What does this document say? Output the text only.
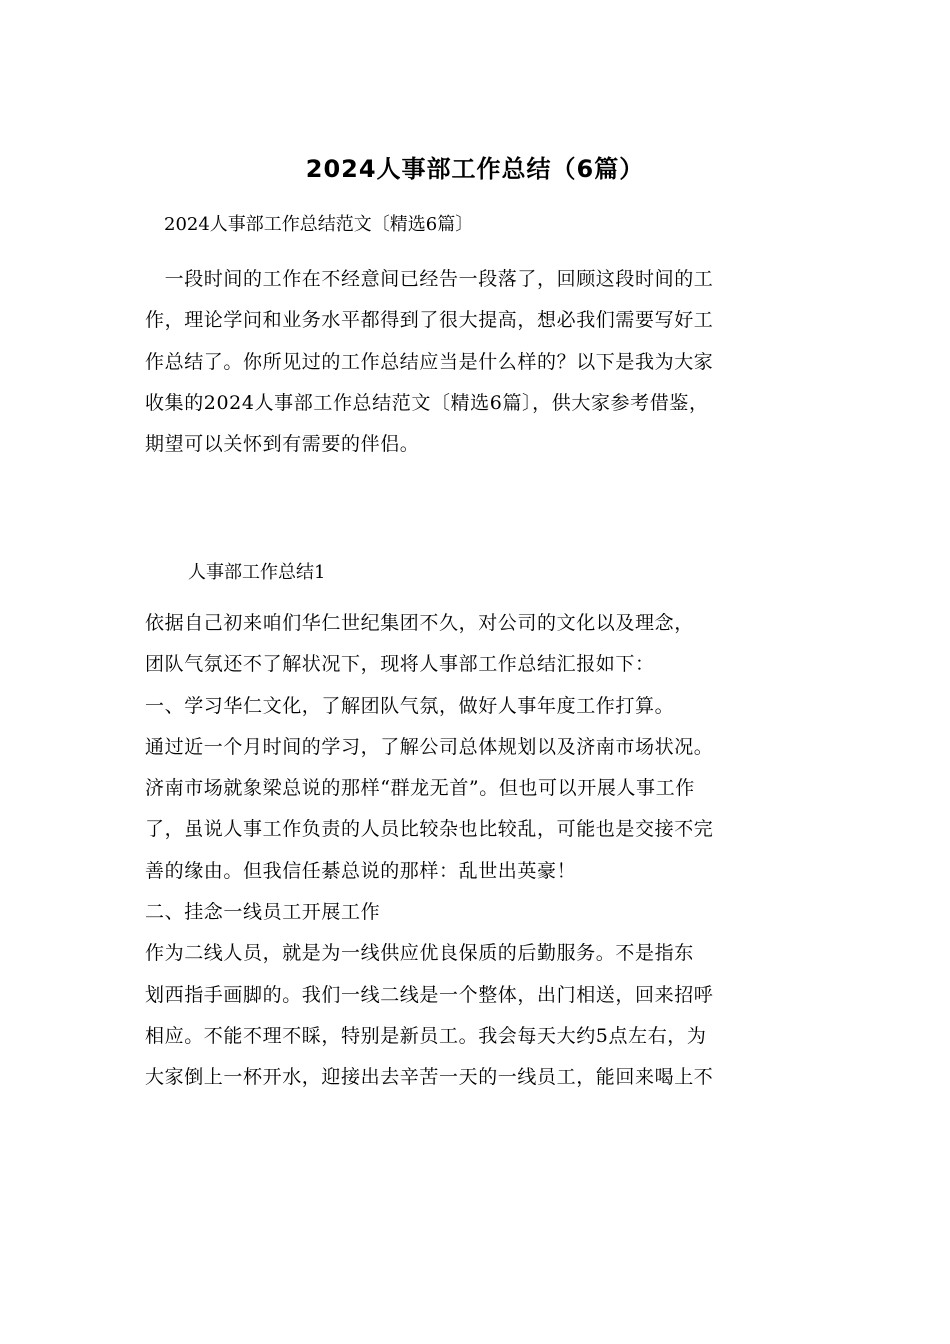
2024人事部工作总结（6篇）
2024人事部工作总结范文〔精选6篇〕
　一段时间的工作在不经意间已经告一段落了，回顾这段时间的工
作，理论学问和业务水平都得到了很大提高，想必我们需要写好工
作总结了。你所见过的工作总结应当是什么样的？以下是我为大家
收集的2024人事部工作总结范文〔精选6篇〕，供大家参考借鉴，
期望可以关怀到有需要的伴侣。
人事部工作总结1
依据自己初来咱们华仁世纪集团不久，对公司的文化以及理念，
团队气氛还不了解状况下，现将人事部工作总结汇报如下：
一、学习华仁文化，了解团队气氛，做好人事年度工作打算。
通过近一个月时间的学习，了解公司总体规划以及济南市场状况。
济南市场就象梁总说的那样“群龙无首”。但也可以开展人事工作
了，虽说人事工作负责的人员比较杂也比较乱，可能也是交接不完
善的缘由。但我信任綦总说的那样：乱世出英豪！
二、挂念一线员工开展工作
作为二线人员，就是为一线供应优良保质的后勤服务。不是指东
划西指手画脚的。我们一线二线是一个整体，出门相送，回来招呼
相应。不能不理不睬，特别是新员工。我会每天大约5点左右，为
大家倒上一杯开水，迎接出去辛苦一天的一线员工，能回来喝上不
